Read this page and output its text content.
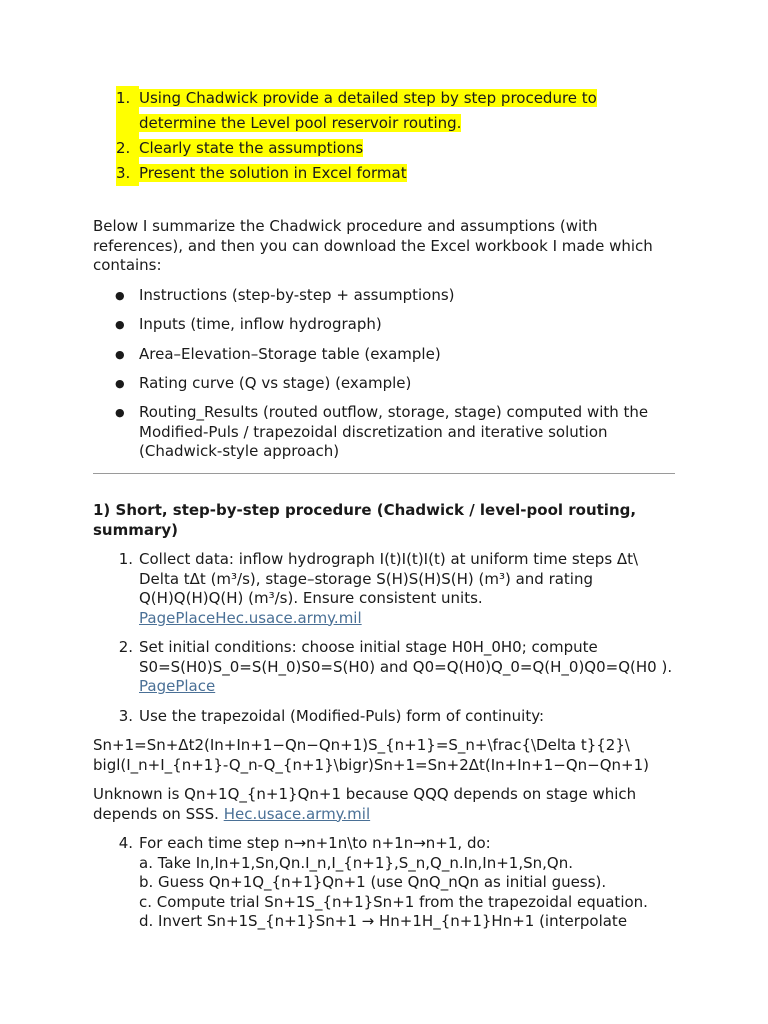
1. Using Chadwick provide a detailed step by step procedure to determine the Level pool reservoir routing.
2. Clearly state the assumptions
3. Present the solution in Excel format

Below I summarize the Chadwick procedure and assumptions (with references), and then you can download the Excel workbook I made which contains:

● Instructions (step-by-step + assumptions)
● Inputs (time, inflow hydrograph)
● Area–Elevation–Storage table (example)
● Rating curve (Q vs stage) (example)
● Routing_Results (routed outflow, storage, stage) computed with the Modified-Puls / trapezoidal discretization and iterative solution (Chadwick-style approach)
1) Short, step-by-step procedure (Chadwick / level-pool routing, summary)
1. Collect data: inflow hydrograph I(t)I(t)I(t) at uniform time steps Δt\ Delta tΔt (m³/s), stage–storage S(H)S(H)S(H) (m³) and rating Q(H)Q(H)Q(H) (m³/s). Ensure consistent units.
PagePlaceHec.usace.army.mil
2. Set initial conditions: choose initial stage H0H_0H0; compute S0=S(H0)S_0=S(H_0)S0=S(H0) and Q0=Q(H0)Q_0=Q(H_0)Q0=Q(H0 ). PagePlace
3. Use the trapezoidal (Modified-Puls) form of continuity:

Sn+1=Sn+Δt2(In+In+1−Qn−Qn+1)S_{n+1}=S_n+\frac{\Delta t}{2}\ bigl(I_n+I_{n+1}-Q_n-Q_{n+1}\bigr)Sn+1=Sn+2Δt(In+In+1−Qn−Qn+1)

Unknown is Qn+1Q_{n+1}Qn+1 because QQQ depends on stage which depends on SSS. Hec.usace.army.mil

4. For each time step n→n+1n\to n+1n→n+1, do:
a. Take In,In+1,Sn,Qn.I_n,I_{n+1},S_n,Q_n.In,In+1,Sn,Qn.
b. Guess Qn+1Q_{n+1}Qn+1 (use QnQ_nQn as initial guess).
c. Compute trial Sn+1S_{n+1}Sn+1 from the trapezoidal equation.
d. Invert Sn+1S_{n+1}Sn+1 → Hn+1H_{n+1}Hn+1 (interpolate
